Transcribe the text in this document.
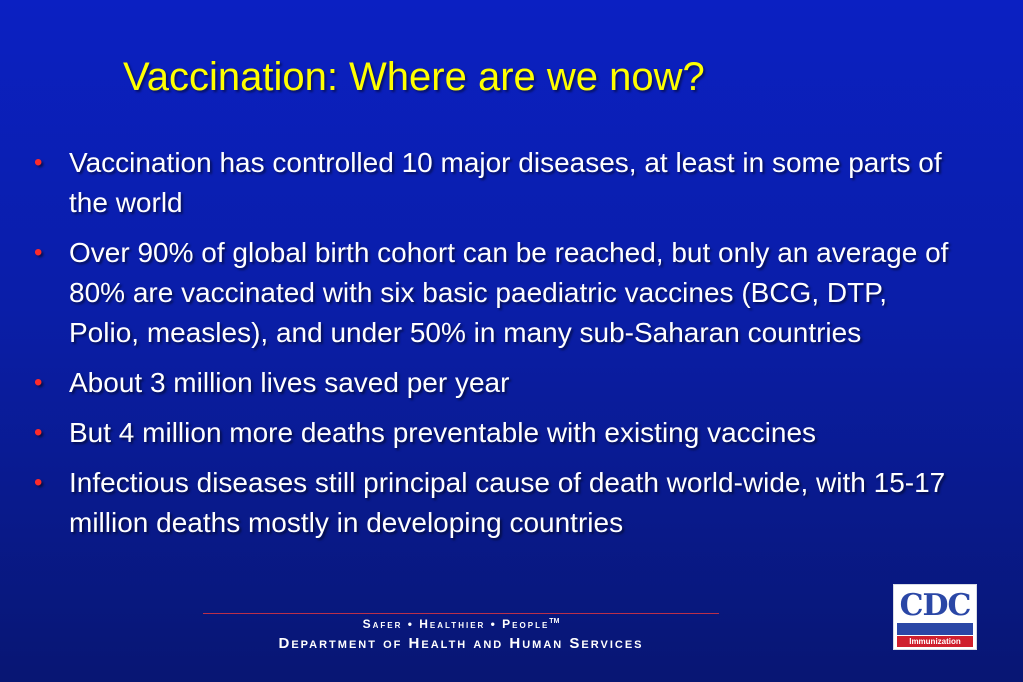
Vaccination: Where are we now?
• Vaccination has controlled 10 major diseases, at least in some parts of the world
• Over 90% of global birth cohort can be reached, but only an average of 80% are vaccinated with six basic paediatric vaccines (BCG, DTP, Polio, measles), and under 50% in many sub-Saharan countries
• About 3 million lives saved per year
• But 4 million more deaths preventable with existing vaccines
• Infectious diseases still principal cause of death world-wide, with 15-17 million deaths mostly in developing countries
Safer • Healthier • People™
Department of Health and Human Services
CDC
Immunization
